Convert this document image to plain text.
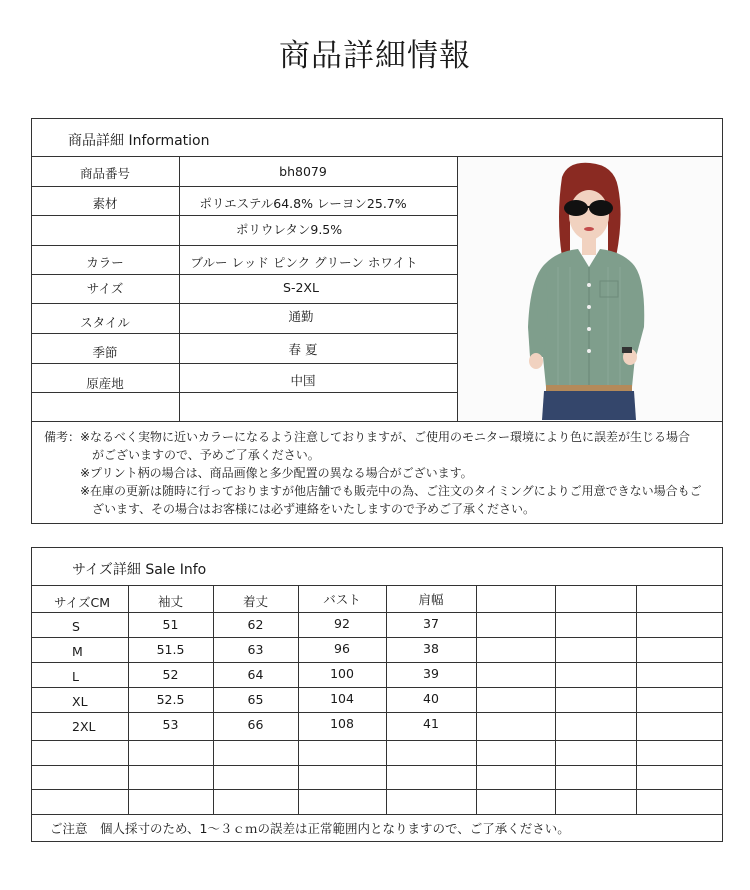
商品詳細情報
商品詳細 Information
商品番号	bh8079
素材	ポリエステル64.8% レーヨン25.7%
ポリウレタン9.5%
カラー	ブルー レッド ピンク グリーン ホワイト
サイズ	S-2XL
スタイル	通勤
季節	春 夏
原産地	中国
備考：※なるべく実物に近いカラーになるよう注意しておりますが、ご使用のモニター環境により色に誤差が生じる場合
がございますので、予めご了承ください。
※プリント柄の場合は、商品画像と多少配置の異なる場合がございます。
※在庫の更新は随時に行っておりますが他店舗でも販売中の為、ご注文のタイミングによりご用意できない場合もご
ざいます、その場合はお客様には必ず連絡をいたしますので予めご了承ください。
サイズ詳細 Sale Info
サイズCM	袖丈	着丈	バスト	肩幅
S	51	62	92	37
M	51.5	63	96	38
L	52	64	100	39
XL	52.5	65	104	40
2XL	53	66	108	41
ご注意　個人採寸のため、1～３ｃｍの誤差は正常範囲内となりますので、ご了承ください。
